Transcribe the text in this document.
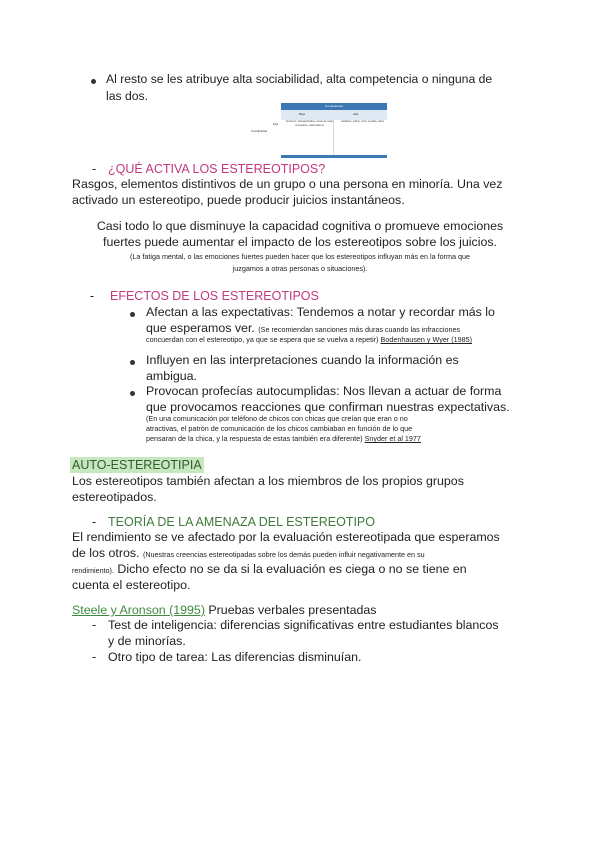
Al resto se les atribuye alta sociabilidad, alta competencia o ninguna de
las dos.
Competencia
Baja	Alta
Sociabilidad
Baja
Ancianos, discapacitados, amas de casa; compasión, paternalismo
Asiáticos, judíos, ricos; envidia, celos
- ¿QUÉ ACTIVA LOS ESTEREOTIPOS?
Rasgos, elementos distintivos de un grupo o una persona en minoría. Una vez
activado un estereotipo, puede producir juicios instantáneos.
Casi todo lo que disminuye la capacidad cognitiva o promueve emociones
fuertes puede aumentar el impacto de los estereotipos sobre los juicios.
(La fatiga mental, o las emociones fuertes pueden hacer que los estereotipos influyan más en la forma que
juzgamos a otras personas o situaciones).
- EFECTOS DE LOS ESTEREOTIPOS
Afectan a las expectativas: Tendemos a notar y recordar más lo
que esperamos ver. (Se recomiendan sanciones más duras cuando las infracciones
concuerdan con el estereotipo, ya que se espera que se vuelva a repetir) Bodenhausen y Wyer (1985)
Influyen en las interpretaciones cuando la información es
ambigua.
Provocan profecías autocumplidas: Nos llevan a actuar de forma
que provocamos reacciones que confirman nuestras expectativas.
(En una comunicación por teléfono de chicos con chicas que creían que eran o no
atractivas, el patrón de comunicación de los chicos cambiaban en función de lo que
pensaran de la chica, y la respuesta de estas también era diferente) Snyder et al 1977
AUTO-ESTEREOTIPIA
Los estereotipos también afectan a los miembros de los propios grupos
estereotipados.
- TEORÍA DE LA AMENAZA DEL ESTEREOTIPO
El rendimiento se ve afectado por la evaluación estereotipada que esperamos
de los otros. (Nuestras creencias estereotipadas sobre los demás pueden influir negativamente en su
rendimiento). Dicho efecto no se da si la evaluación es ciega o no se tiene en
cuenta el estereotipo.
Steele y Aronson (1995) Pruebas verbales presentadas
- Test de inteligencia: diferencias significativas entre estudiantes blancos
y de minorías.
- Otro tipo de tarea: Las diferencias disminuían.
